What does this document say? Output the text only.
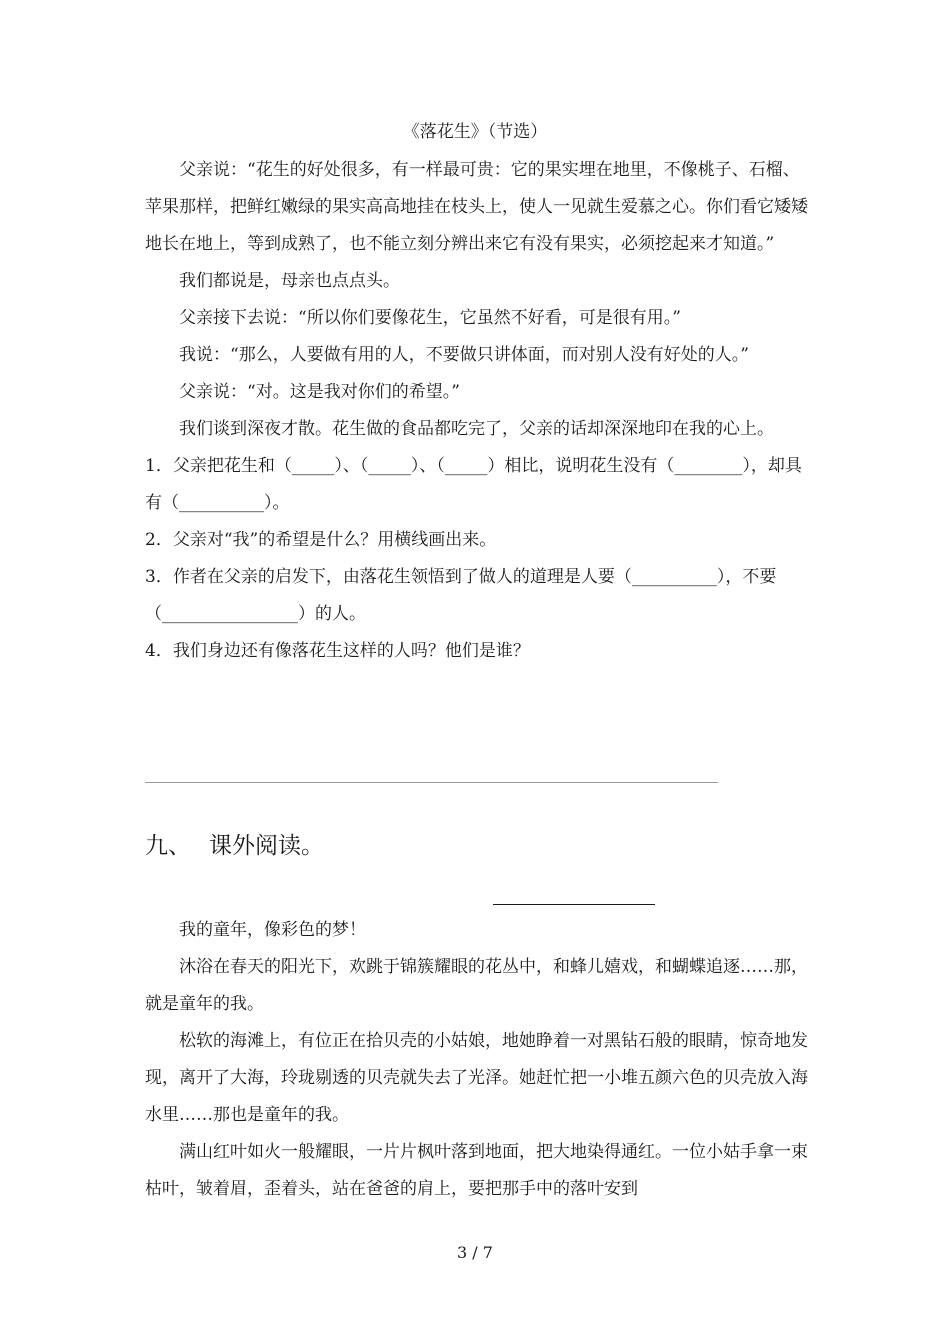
《落花生》（节选）

父亲说：“花生的好处很多，有一样最可贵：它的果实埋在地里，不像桃子、石榴、苹果那样，把鲜红嫩绿的果实高高地挂在枝头上，使人一见就生爱慕之心。你们看它矮矮地长在地上，等到成熟了，也不能立刻分辨出来它有没有果实，必须挖起来才知道。”

我们都说是，母亲也点点头。

父亲接下去说：“所以你们要像花生，它虽然不好看，可是很有用。”

我说：“那么，人要做有用的人，不要做只讲体面，而对别人没有好处的人。”

父亲说：“对。这是我对你们的希望。”

我们谈到深夜才散。花生做的食品都吃完了，父亲的话却深深地印在我的心上。

1．父亲把花生和（_____）、（_____）、（_____）相比，说明花生没有（________），却具有（__________）。

2．父亲对“我”的希望是什么？用横线画出来。

3．作者在父亲的启发下，由落花生领悟到了做人的道理是人要（__________），不要（________________）的人。

4．我们身边还有像落花生这样的人吗？他们是谁？

九、 课外阅读。

我的童年，像彩色的梦！

沐浴在春天的阳光下，欢跳于锦簇耀眼的花丛中，和蜂儿嬉戏，和蝴蝶追逐……那，就是童年的我。

松软的海滩上，有位正在拾贝壳的小姑娘，地她睁着一对黑钻石般的眼睛，惊奇地发现，离开了大海，玲珑剔透的贝壳就失去了光泽。她赶忙把一小堆五颜六色的贝壳放入海水里……那也是童年的我。

满山红叶如火一般耀眼，一片片枫叶落到地面，把大地染得通红。一位小姑手拿一束枯叶，皱着眉，歪着头，站在爸爸的肩上，要把那手中的落叶安到

3 / 7
